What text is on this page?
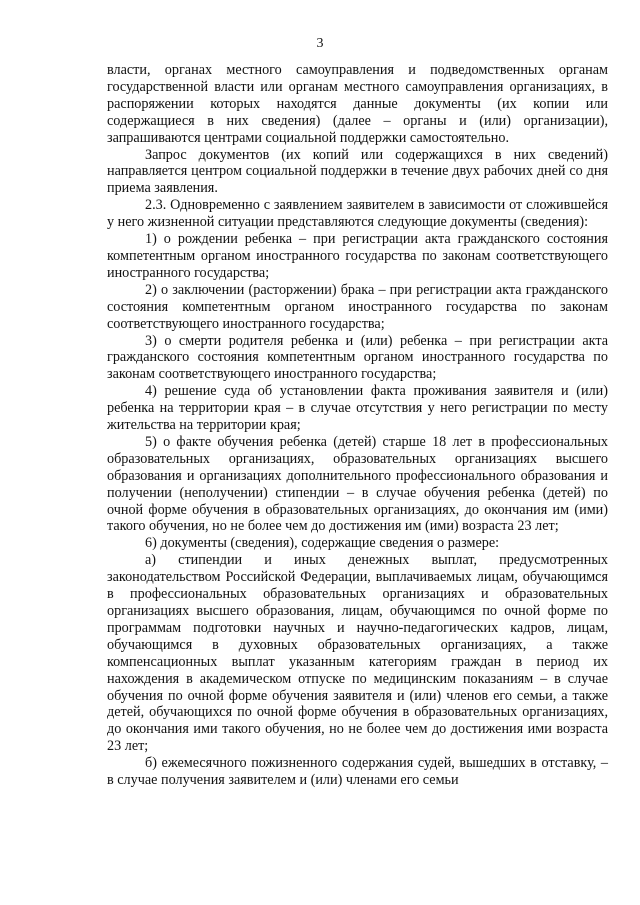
3

власти, органах местного самоуправления и подведомственных органам государственной власти или органам местного самоуправления организациях, в распоряжении которых находятся данные документы (их копии или содержащиеся в них сведения) (далее – органы и (или) организации), запрашиваются центрами социальной поддержки самостоятельно.

Запрос документов (их копий или содержащихся в них сведений) направляется центром социальной поддержки в течение двух рабочих дней со дня приема заявления.

2.3. Одновременно с заявлением заявителем в зависимости от сложившейся у него жизненной ситуации представляются следующие документы (сведения):

1) о рождении ребенка – при регистрации акта гражданского состояния компетентным органом иностранного государства по законам соответствующего иностранного государства;

2) о заключении (расторжении) брака – при регистрации акта гражданского состояния компетентным органом иностранного государства по законам соответствующего иностранного государства;

3) о смерти родителя ребенка и (или) ребенка – при регистрации акта гражданского состояния компетентным органом иностранного государства по законам соответствующего иностранного государства;

4) решение суда об установлении факта проживания заявителя и (или) ребенка на территории края – в случае отсутствия у него регистрации по месту жительства на территории края;

5) о факте обучения ребенка (детей) старше 18 лет в профессиональных образовательных организациях, образовательных организациях высшего образования и организациях дополнительного профессионального образования и получении (неполучении) стипендии – в случае обучения ребенка (детей) по очной форме обучения в образовательных организациях, до окончания им (ими) такого обучения, но не более чем до достижения им (ими) возраста 23 лет;

6) документы (сведения), содержащие сведения о размере:

а) стипендии и иных денежных выплат, предусмотренных законодательством Российской Федерации, выплачиваемых лицам, обучающимся в профессиональных образовательных организациях и образовательных организациях высшего образования, лицам, обучающимся по очной форме по программам подготовки научных и научно-педагогических кадров, лицам, обучающимся в духовных образовательных организациях, а также компенсационных выплат указанным категориям граждан в период их нахождения в академическом отпуске по медицинским показаниям – в случае обучения по очной форме обучения заявителя и (или) членов его семьи, а также детей, обучающихся по очной форме обучения в образовательных организациях, до окончания ими такого обучения, но не более чем до достижения ими возраста 23 лет;

б) ежемесячного пожизненного содержания судей, вышедших в отставку, – в случае получения заявителем и (или) членами его семьи
